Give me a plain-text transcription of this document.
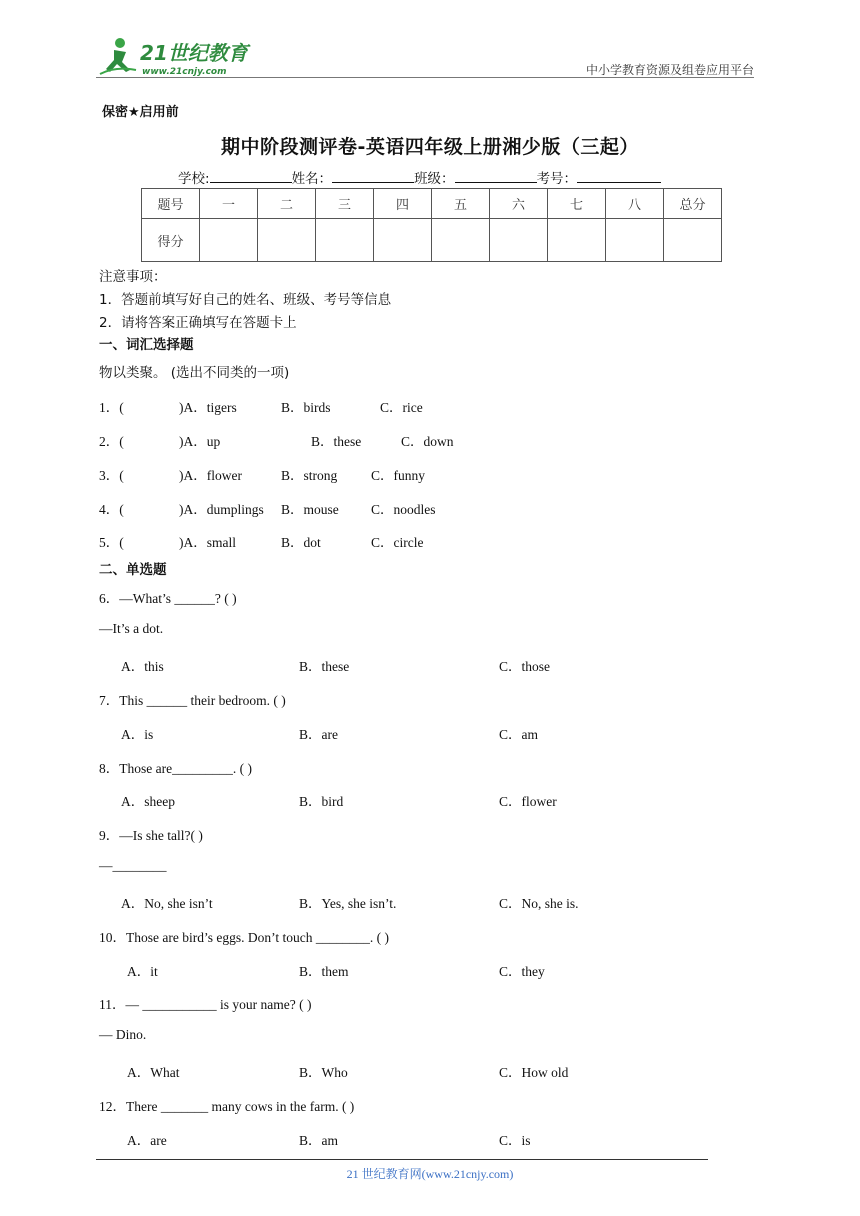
21世纪教育
www.21cnjy.com	中小学教育资源及组卷应用平台
保密★启用前
期中阶段测评卷-英语四年级上册湘少版（三起）
学校:	姓名：	班级：	考号：
题号	一	二	三	四	五	六	七	八	总分
得分									
注意事项：
1．答题前填写好自己的姓名、班级、考号等信息
2．请将答案正确填写在答题卡上
一、词汇选择题
物以类聚。 (选出不同类的一项)
1．(	)A．tigers	B．birds	C．rice
2．(	)A．up	B．these	C．down
3．(	)A．flower	B．strong C．funny
4．(	)A．dumplings B．mouse C．noodles
5．(	)A．small	B．dot	C．circle
二、单选题
6．—What’s ______? ( )
—It’s a dot.
A．this	B．these	C．those
7．This ______ their bedroom. ( )
A．is	B．are	C．am
8．Those are_________. ( )
A．sheep	B．bird	C．flower
9．—Is she tall?( )
—________
A．No, she isn’t	B．Yes, she isn’t.	C．No, she is.
10．Those are bird’s eggs. Don’t touch ________. ( )
A．it	B．them	C．they
11．— ___________ is your name? ( )
— Dino.
A．What	B．Who	C．How old
12．There _______ many cows in the farm. ( )
A．are	B．am	C．is
21 世纪教育网(www.21cnjy.com)
